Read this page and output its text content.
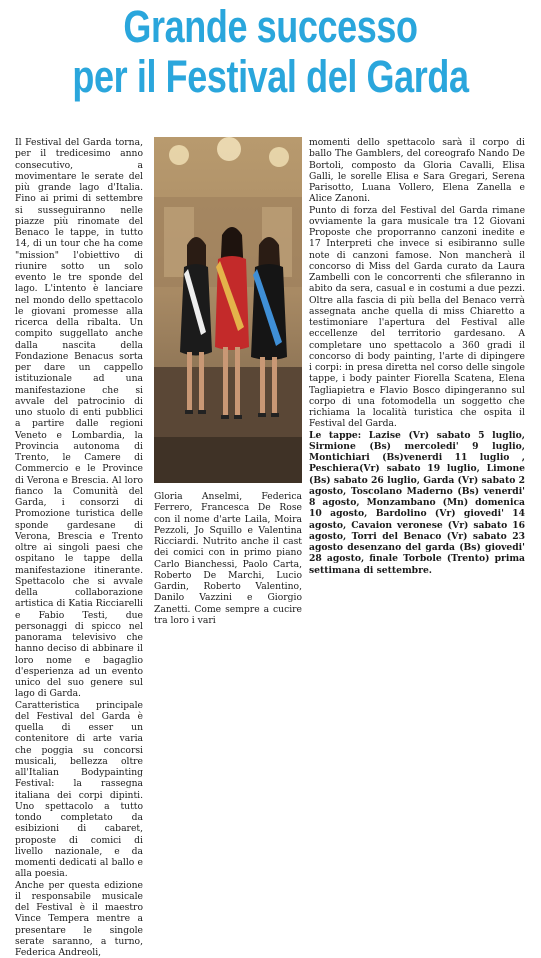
Grande successo
per il Festival del Garda

Il Festival del Garda torna, per il tredicesimo anno consecutivo, a movimentare le serate del più grande lago d'Italia. Fino ai primi di settembre si susseguiranno nelle piazze più rinomate del Benaco le tappe, in tutto 14, di un tour che ha come "mission" l'obiettivo di riunire sotto un solo evento le tre sponde del lago. L'intento è lanciare nel mondo dello spettacolo le giovani promesse alla ricerca della ribalta. Un compito suggellato anche dalla nascita della Fondazione Benacus sorta per dare un cappello istituzionale ad una manifestazione che si avvale del patrocinio di uno stuolo di enti pubblici a partire dalle regioni Veneto e Lombardia, la Provincia autonoma di Trento, le Camere di Commercio e le Province di Verona e Brescia. Al loro fianco la Comunità del Garda, i consorzi di Promozione turistica delle sponde gardesane di Verona, Brescia e Trento oltre ai singoli paesi che ospitano le tappe della manifestazione itinerante. Spettacolo che si avvale della collaborazione artistica di Katia Ricciarelli e Fabio Testi, due personaggi di spicco nel panorama televisivo che hanno deciso di abbinare il loro nome e bagaglio d'esperienza ad un evento unico del suo genere sul lago di Garda.

Caratteristica principale del Festival del Garda è quella di esser un contenitore di arte varia che poggia su concorsi musicali, bellezza oltre all'Italian Bodypainting Festival: la rassegna italiana dei corpi dipinti. Uno spettacolo a tutto tondo completato da esibizioni di cabaret, proposte di comici di livello nazionale, e da momenti dedicati al ballo e alla poesia.

Anche per questa edizione il responsabile musicale del Festival è il maestro Vince Tempera mentre a presentare le singole serate saranno, a turno, Federica Andreoli,

Gloria Anselmi, Federica Ferrero, Francesca De Rose con il nome d'arte Laila, Moira Pezzoli, Jo Squillo e Valentina Ricciardi. Nutrito anche il cast dei comici con in primo piano Carlo Bianchessi, Paolo Carta, Roberto De Marchi, Lucio Gardin, Roberto Valentino, Danilo Vazzini e Giorgio Zanetti. Come sempre a cucire tra loro i vari

momenti dello spettacolo sarà il corpo di ballo The Gamblers, del coreografo Nando De Bortoli, composto da Gloria Cavalli, Elisa Galli, le sorelle Elisa e Sara Gregari, Serena Parisotto, Luana Vollero, Elena Zanella e Alice Zanoni.

Punto di forza del Festival del Garda rimane ovviamente la gara musicale tra 12 Giovani Proposte che proporranno canzoni inedite e 17 Interpreti che invece si esibiranno sulle note di canzoni famose. Non mancherà il concorso di Miss del Garda curato da Laura Zambelli con le concorrenti che sfileranno in abito da sera, casual e in costumi a due pezzi. Oltre alla fascia di più bella del Benaco verrà assegnata anche quella di miss Chiaretto a testimoniare l'apertura del Festival alle eccellenze del territorio gardesano. A completare uno spettacolo a 360 gradi il concorso di body painting, l'arte di dipingere i corpi: in presa diretta nel corso delle singole tappe, i body painter Fiorella Scatena, Elena Tagliapietra e Flavio Bosco dipingeranno sul corpo di una fotomodella un soggetto che richiama la località turistica che ospita il Festival del Garda.

Le tappe: Lazise (Vr) sabato 5 luglio, Sirmione (Bs) mercoledi' 9 luglio, Montichiari (Bs)venerdi 11 luglio , Peschiera(Vr) sabato 19 luglio, Limone (Bs) sabato 26 luglio, Garda (Vr) sabato 2 agosto, Toscolano Maderno (Bs) venerdi' 8 agosto, Monzambano (Mn) domenica 10 agosto, Bardolino (Vr) giovedi' 14 agosto, Cavaion veronese (Vr) sabato 16 agosto, Torri del Benaco (Vr) sabato 23 agosto desenzano del garda (Bs) giovedi' 28 agosto, finale Torbole (Trento) prima settimana di settembre.
